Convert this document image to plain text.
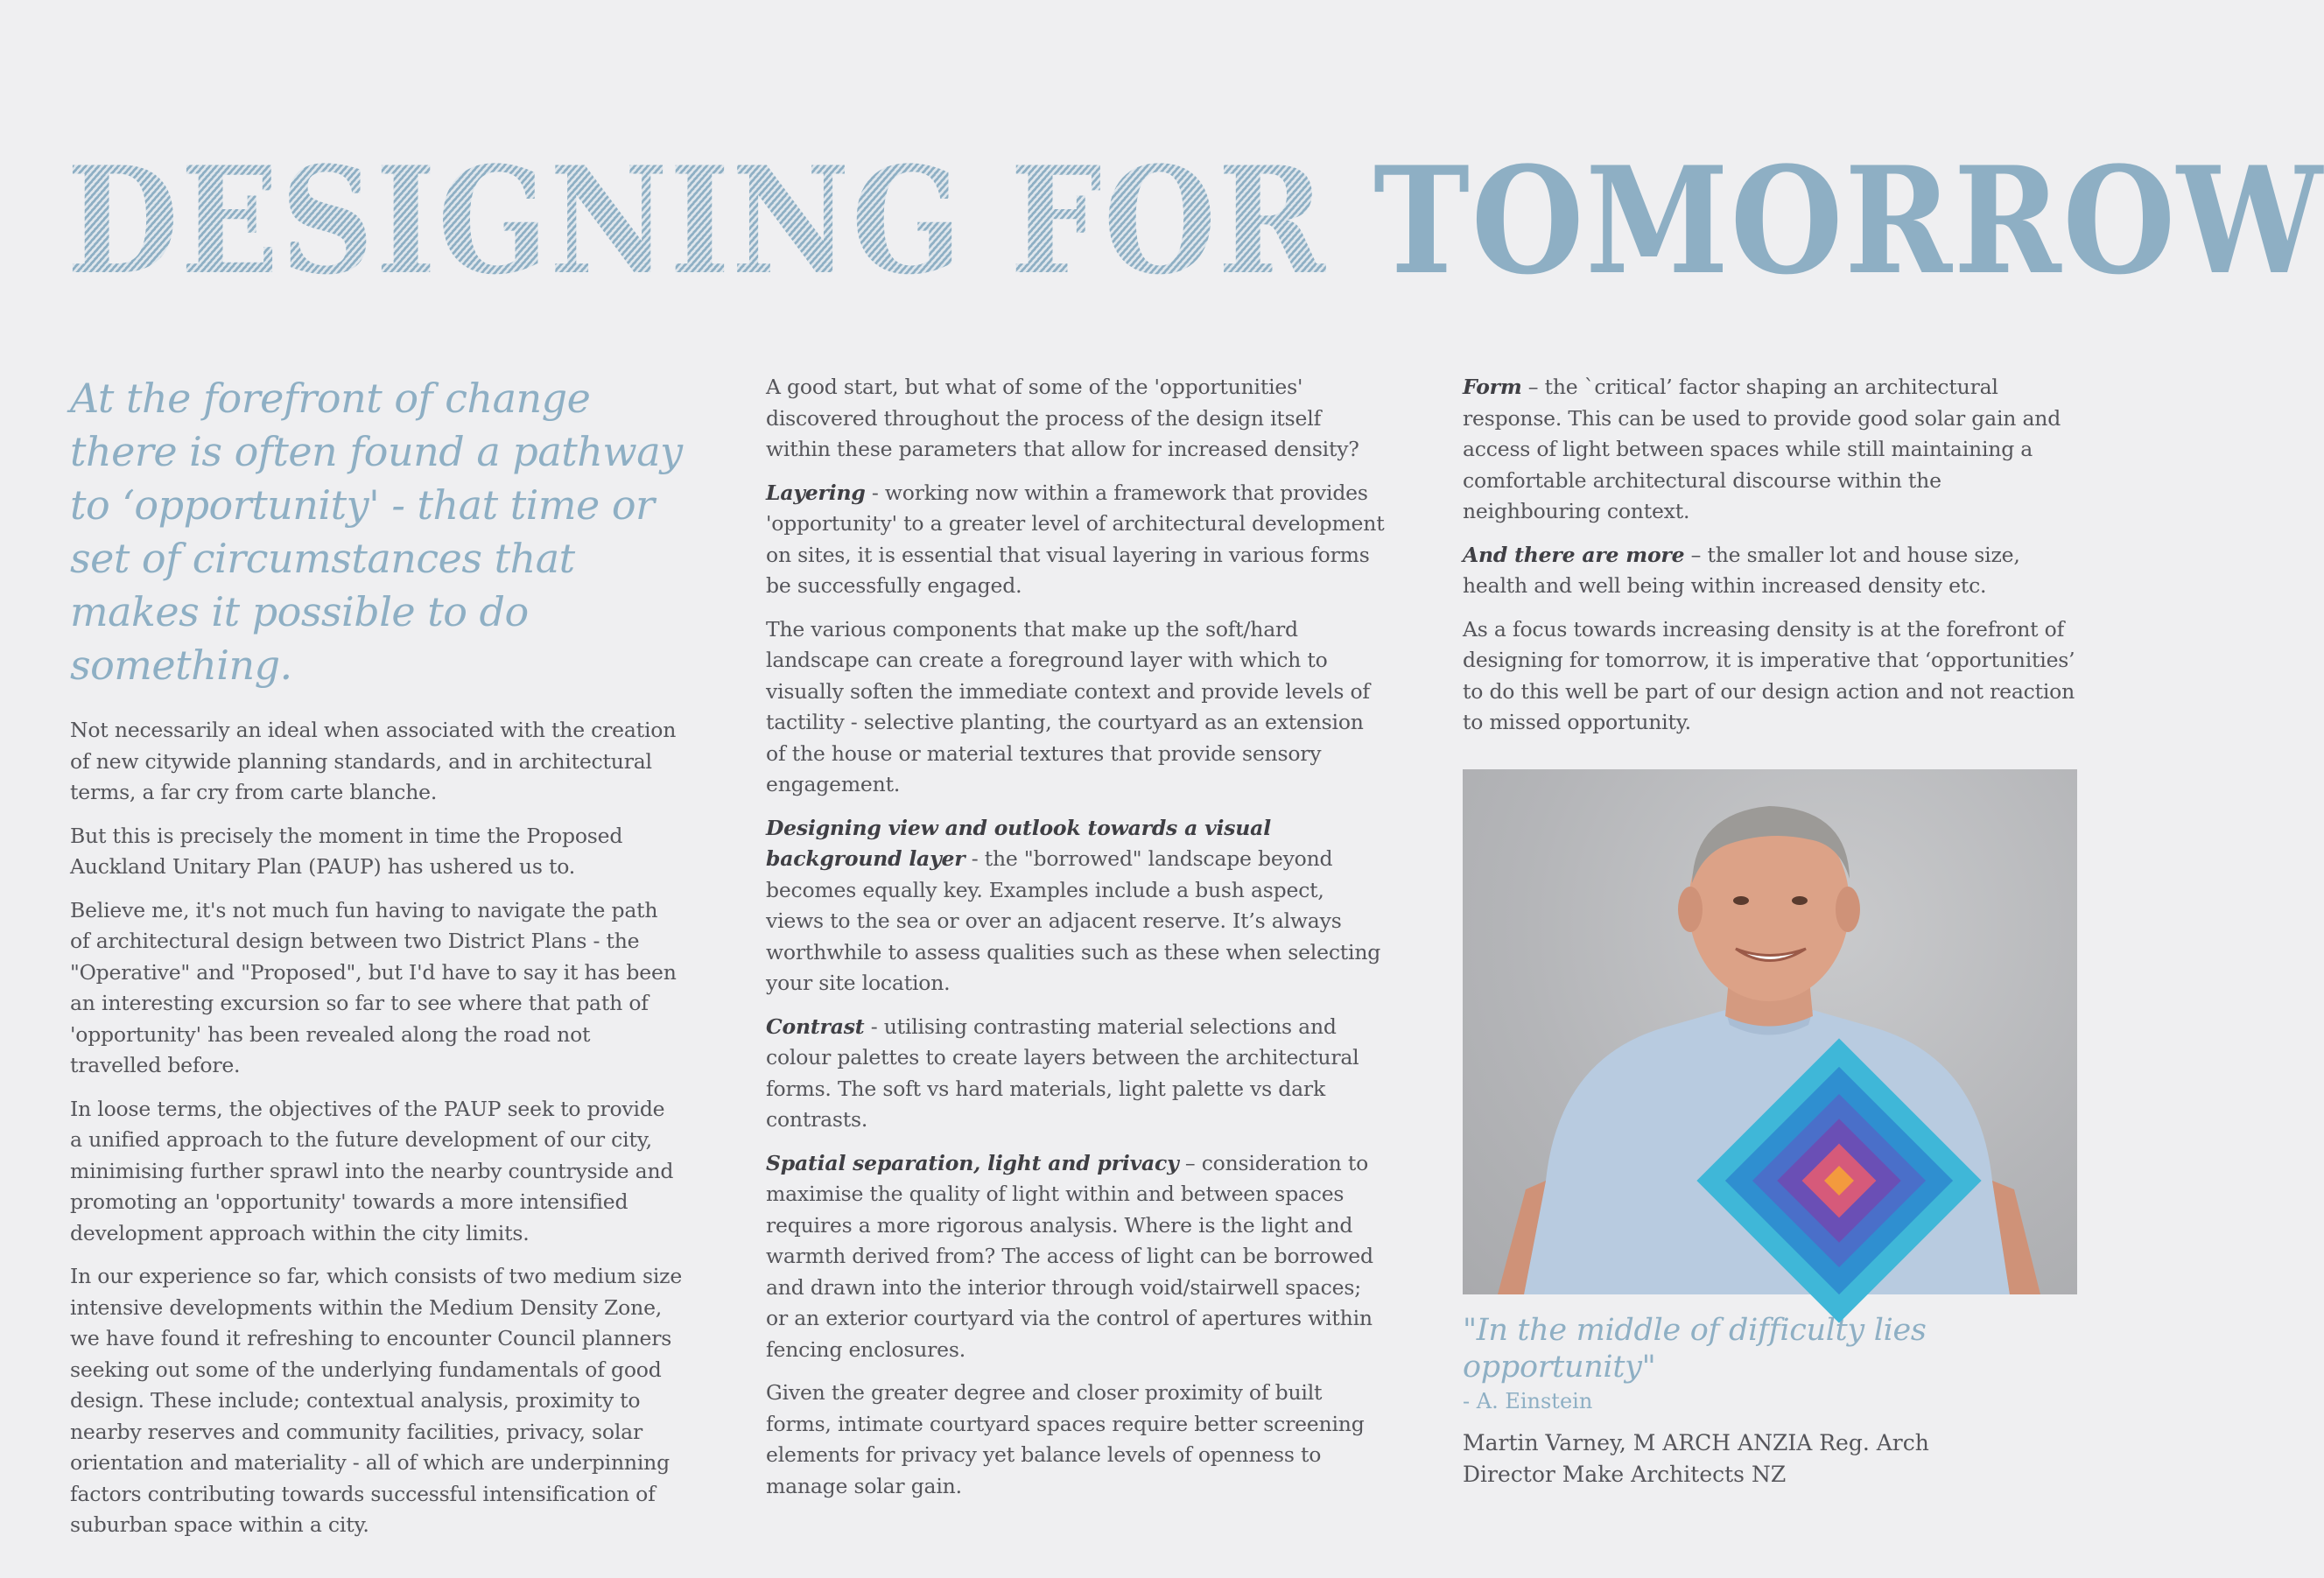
DESIGNING FOR TOMORROW

At the forefront of change there is often found a pathway to ‘opportunity' - that time or set of circumstances that makes it possible to do something.

Not necessarily an ideal when associated with the creation of new citywide planning standards, and in architectural terms, a far cry from carte blanche.

But this is precisely the moment in time the Proposed Auckland Unitary Plan (PAUP) has ushered us to.

Believe me, it's not much fun having to navigate the path of architectural design between two District Plans - the "Operative" and "Proposed", but I'd have to say it has been an interesting excursion so far to see where that path of 'opportunity' has been revealed along the road not travelled before.

In loose terms, the objectives of the PAUP seek to provide a unified approach to the future development of our city, minimising further sprawl into the nearby countryside and promoting an 'opportunity' towards a more intensified development approach within the city limits.

In our experience so far, which consists of two medium size intensive developments within the Medium Density Zone, we have found it refreshing to encounter Council planners seeking out some of the underlying fundamentals of good design. These include; contextual analysis, proximity to nearby reserves and community facilities, privacy, solar orientation and materiality - all of which are underpinning factors contributing towards successful intensification of suburban space within a city.

A good start, but what of some of the 'opportunities' discovered throughout the process of the design itself within these parameters that allow for increased density?

Layering - working now within a framework that provides 'opportunity' to a greater level of architectural development on sites, it is essential that visual layering in various forms be successfully engaged.

The various components that make up the soft/hard landscape can create a foreground layer with which to visually soften the immediate context and provide levels of tactility - selective planting, the courtyard as an extension of the house or material textures that provide sensory engagement.

Designing view and outlook towards a visual background layer - the "borrowed" landscape beyond becomes equally key. Examples include a bush aspect, views to the sea or over an adjacent reserve. It’s always worthwhile to assess qualities such as these when selecting your site location.

Contrast - utilising contrasting material selections and colour palettes to create layers between the architectural forms. The soft vs hard materials, light palette vs dark contrasts.

Spatial separation, light and privacy – consideration to maximise the quality of light within and between spaces requires a more rigorous analysis. Where is the light and warmth derived from? The access of light can be borrowed and drawn into the interior through void/stairwell spaces; or an exterior courtyard via the control of apertures within fencing enclosures.

Given the greater degree and closer proximity of built forms, intimate courtyard spaces require better screening elements for privacy yet balance levels of openness to manage solar gain.

Form – the `critical’ factor shaping an architectural response. This can be used to provide good solar gain and access of light between spaces while still maintaining a comfortable architectural discourse within the neighbouring context.

And there are more – the smaller lot and house size, health and well being within increased density etc.

As a focus towards increasing density is at the forefront of designing for tomorrow, it is imperative that ‘opportunities’ to do this well be part of our design action and not reaction to missed opportunity.

"In the middle of difficulty lies opportunity"

- A. Einstein

Martin Varney, M ARCH ANZIA Reg. Arch

Director Make Architects NZ
